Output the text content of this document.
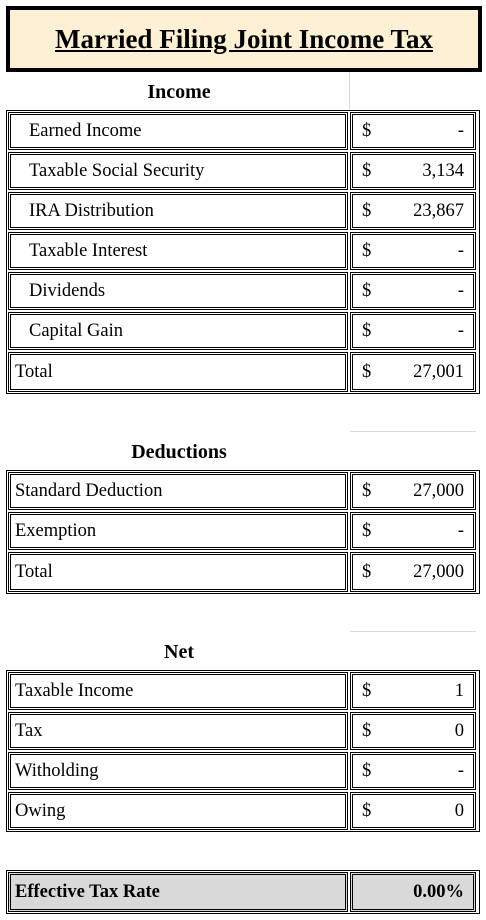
Married Filing Joint Income Tax
Income
Earned Income	$	-
Taxable Social Security	$	3,134
IRA Distribution	$ 23,867
Taxable Interest	$	-
Dividends	$	-
Capital Gain	$	-
Total	$ 27,001
Deductions
Standard Deduction	$ 27,000
Exemption	$	-
Total	$ 27,000
Net
Taxable Income	$	1
Tax	$	0
Witholding	$	-
Owing	$	0
Effective Tax Rate	0.00%
